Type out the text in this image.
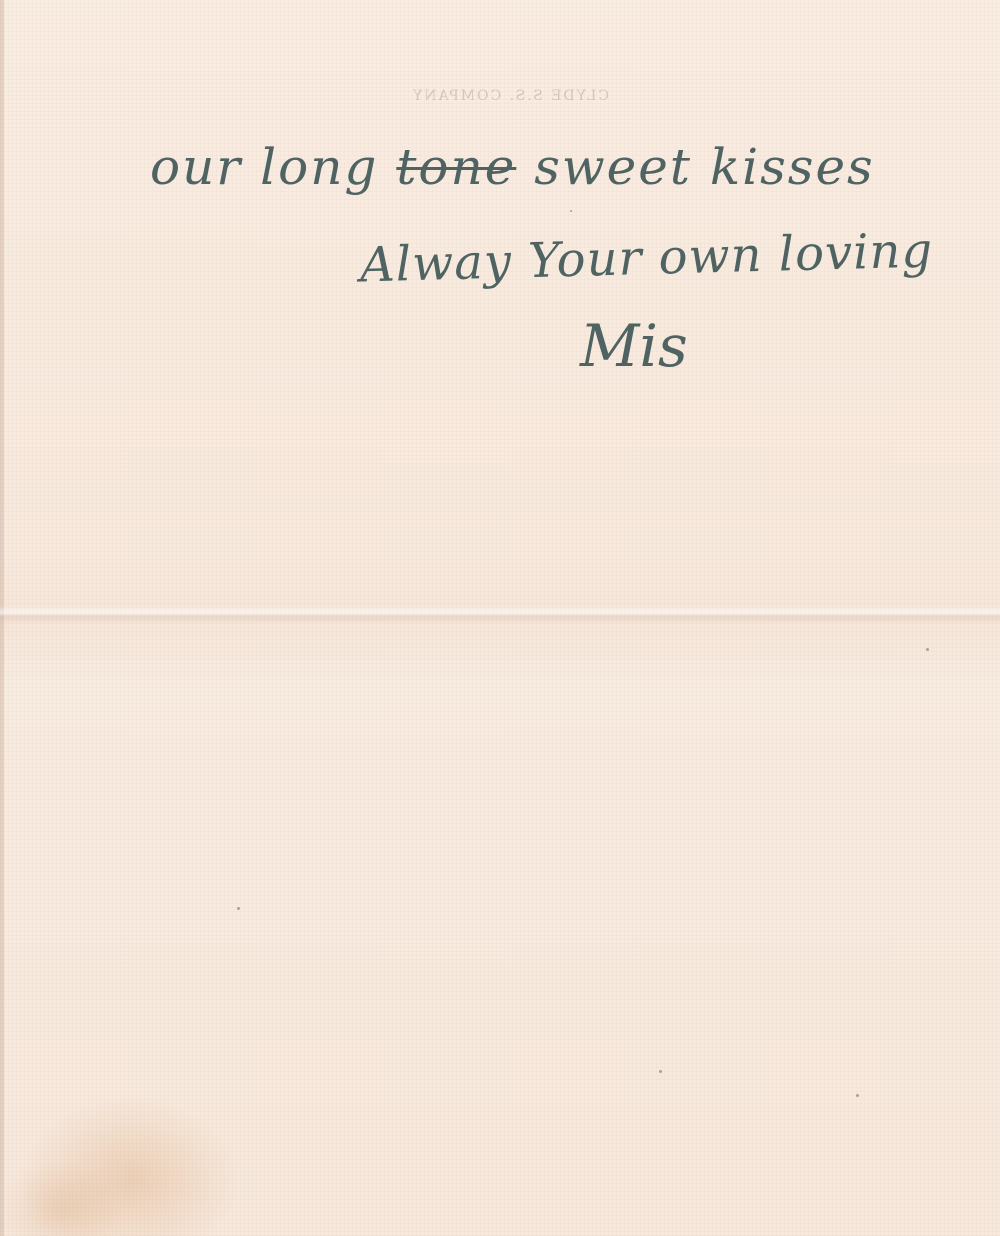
CLYDE S.S. COMPANY
our long tone sweet kisses
Alway Your own loving
Mis
